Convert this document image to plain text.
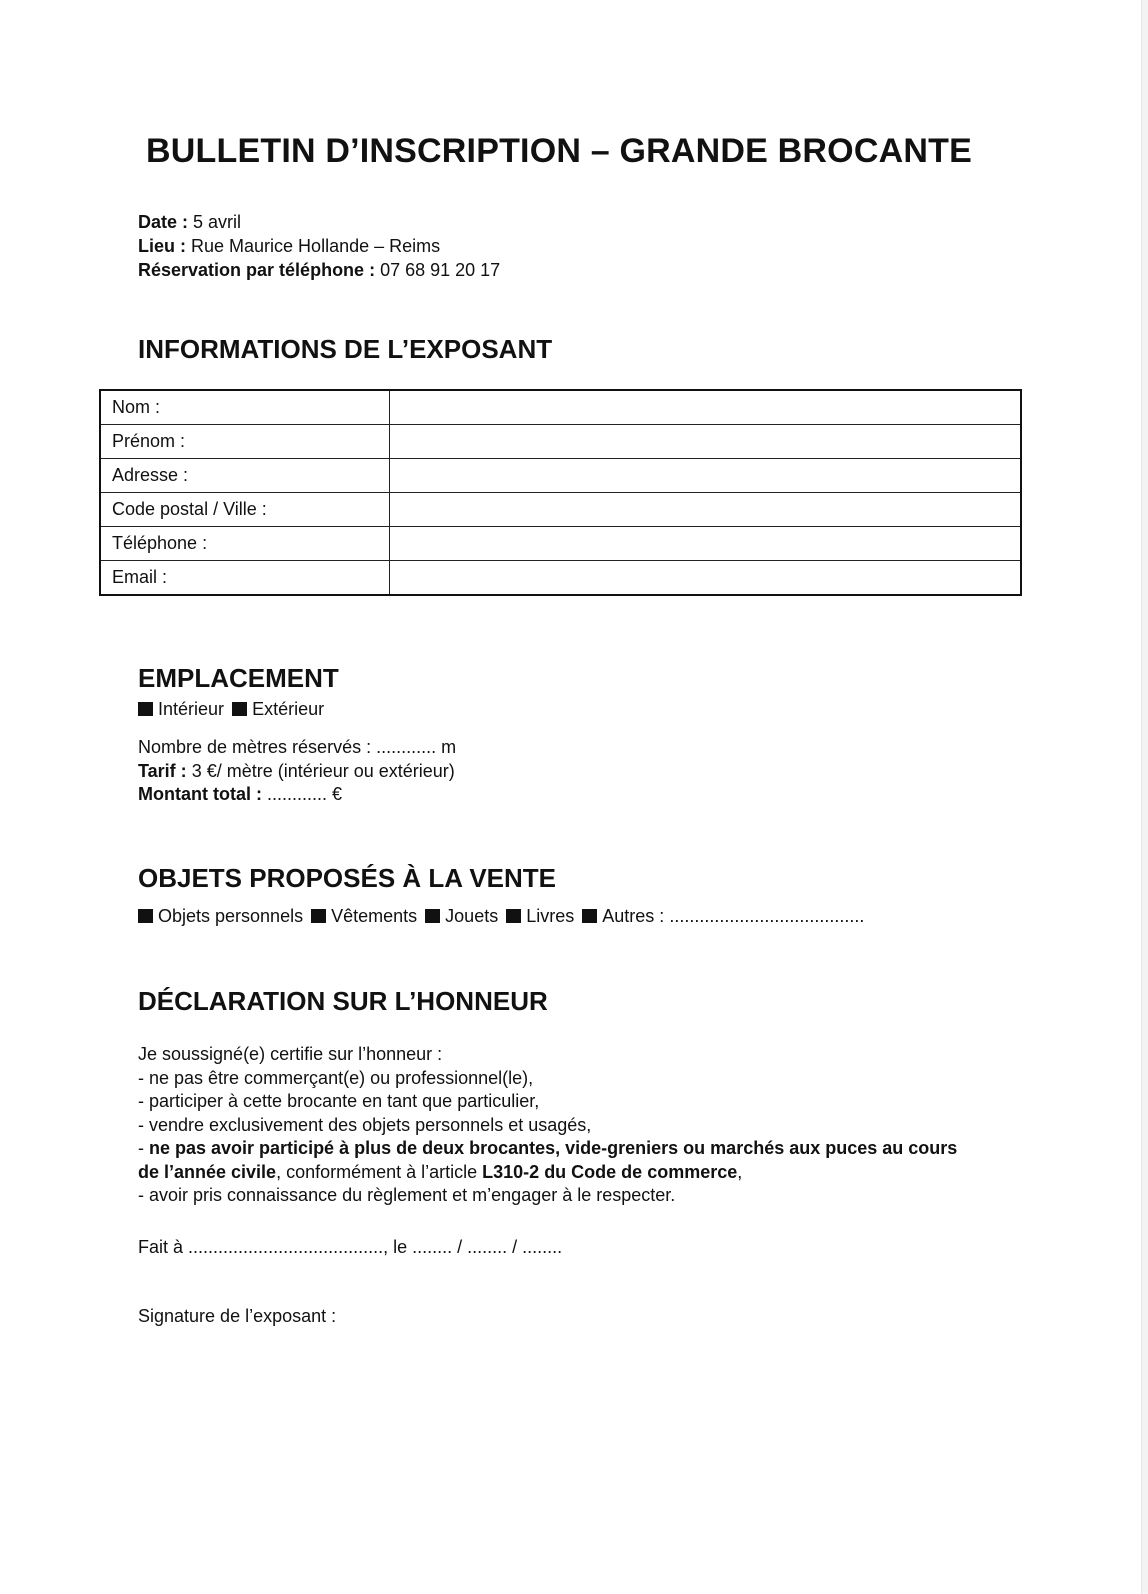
BULLETIN D’INSCRIPTION – GRANDE BROCANTE
Date : 5 avril
Lieu : Rue Maurice Hollande – Reims
Réservation par téléphone : 07 68 91 20 17
INFORMATIONS DE L’EXPOSANT
Nom :	
Prénom :	
Adresse :	
Code postal / Ville :	
Téléphone :	
Email :	
EMPLACEMENT
Intérieur Extérieur
Nombre de mètres réservés : ............ m
Tarif : 3 €/ mètre (intérieur ou extérieur)
Montant total : ............ €
OBJETS PROPOSÉS À LA VENTE
Objets personnels Vêtements Jouets Livres Autres : .......................................
DÉCLARATION SUR L’HONNEUR
Je soussigné(e) certifie sur l’honneur :
- ne pas être commerçant(e) ou professionnel(le),
- participer à cette brocante en tant que particulier,
- vendre exclusivement des objets personnels et usagés,
- ne pas avoir participé à plus de deux brocantes, vide-greniers ou marchés aux puces au cours de l’année civile, conformément à l’article L310-2 du Code de commerce,
- avoir pris connaissance du règlement et m’engager à le respecter.
Fait à ......................................., le ........ / ........ / ........
Signature de l’exposant :
